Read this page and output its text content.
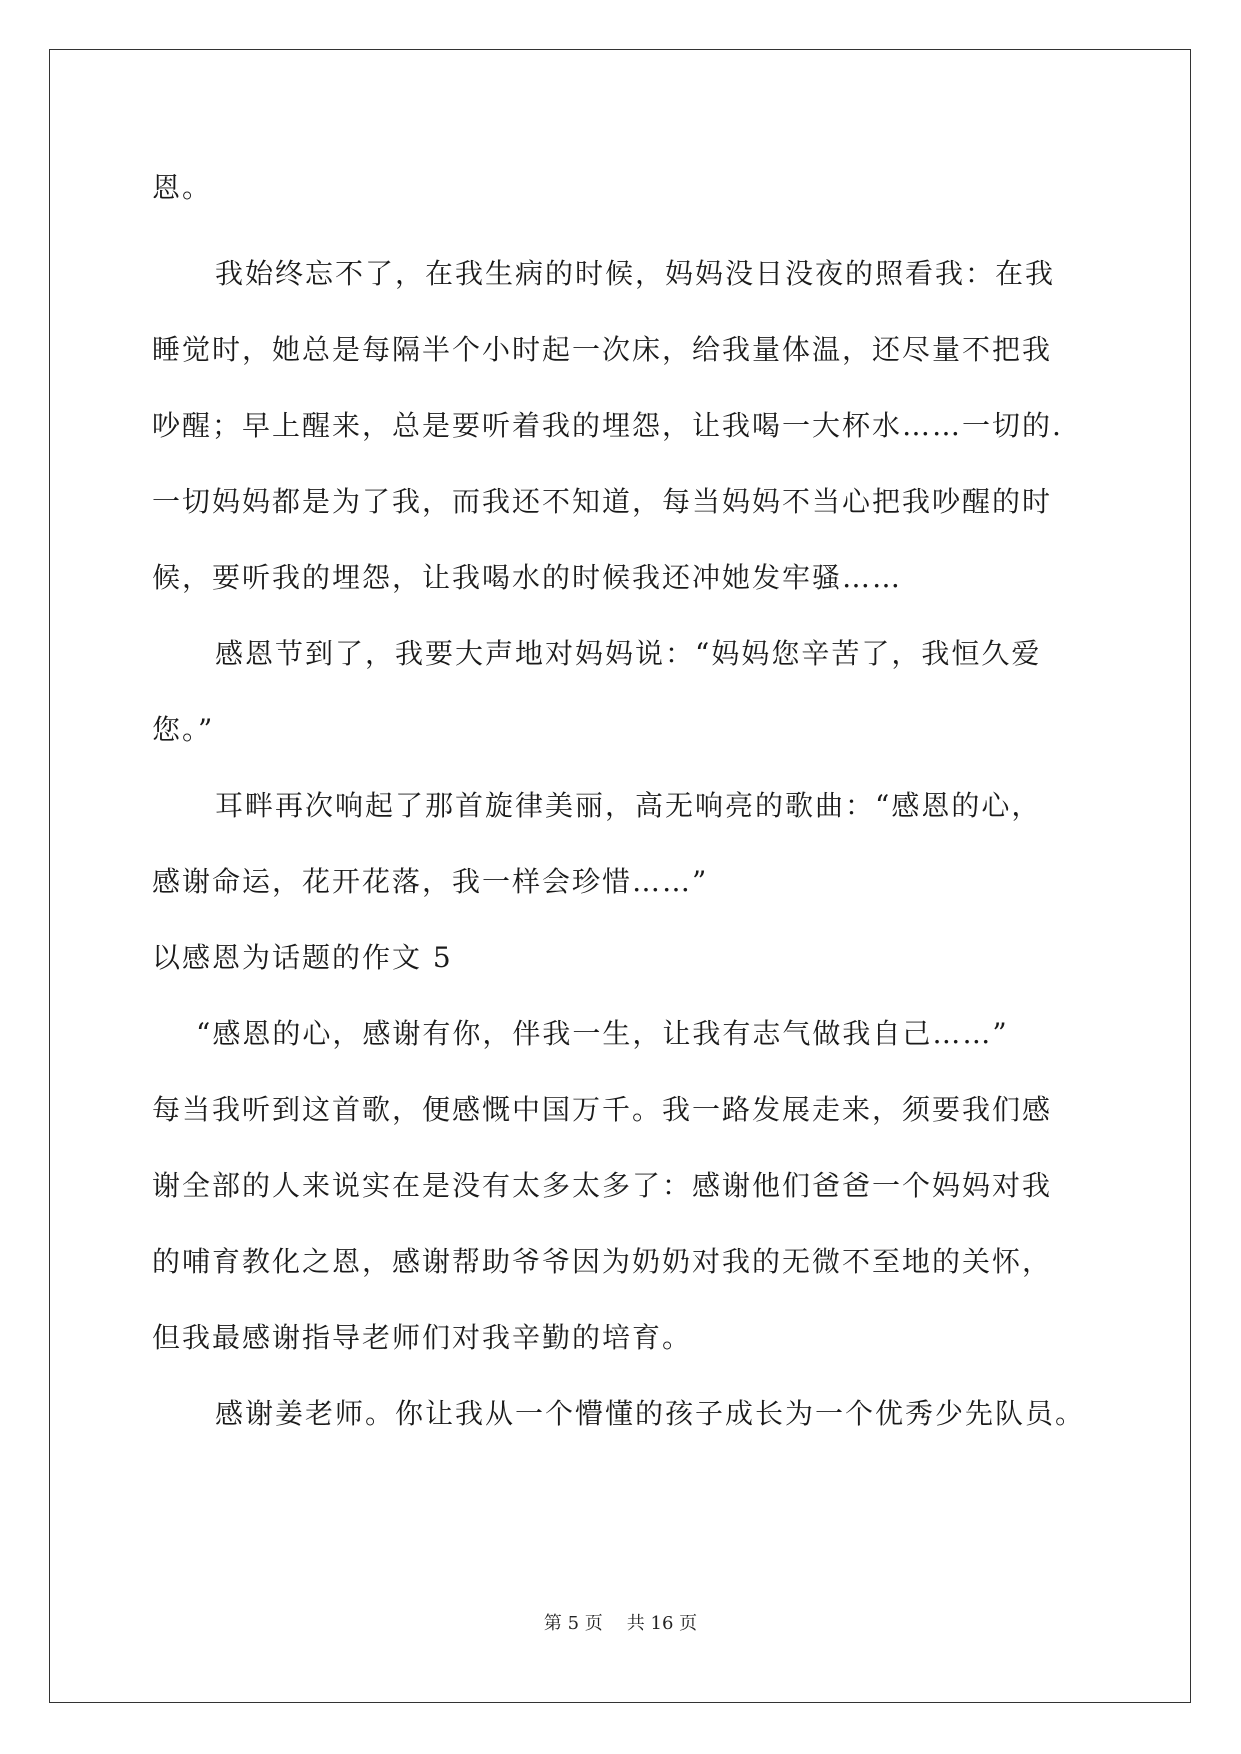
恩。
我始终忘不了，在我生病的时候，妈妈没日没夜的照看我：在我
睡觉时，她总是每隔半个小时起一次床，给我量体温，还尽量不把我
吵醒；早上醒来，总是要听着我的埋怨，让我喝一大杯水……一切的.
一切妈妈都是为了我，而我还不知道，每当妈妈不当心把我吵醒的时
候，要听我的埋怨，让我喝水的时候我还冲她发牢骚……
感恩节到了，我要大声地对妈妈说：“妈妈您辛苦了，我恒久爱
您。”
耳畔再次响起了那首旋律美丽，高无响亮的歌曲：“感恩的心，
感谢命运，花开花落，我一样会珍惜……”
以感恩为话题的作文 5
“感恩的心，感谢有你，伴我一生，让我有志气做我自己……”
每当我听到这首歌，便感慨中国万千。我一路发展走来，须要我们感
谢全部的人来说实在是没有太多太多了：感谢他们爸爸一个妈妈对我
的哺育教化之恩，感谢帮助爷爷因为奶奶对我的无微不至地的关怀，
但我最感谢指导老师们对我辛勤的培育。
感谢姜老师。你让我从一个懵懂的孩子成长为一个优秀少先队员。
第 5 页 共 16 页
